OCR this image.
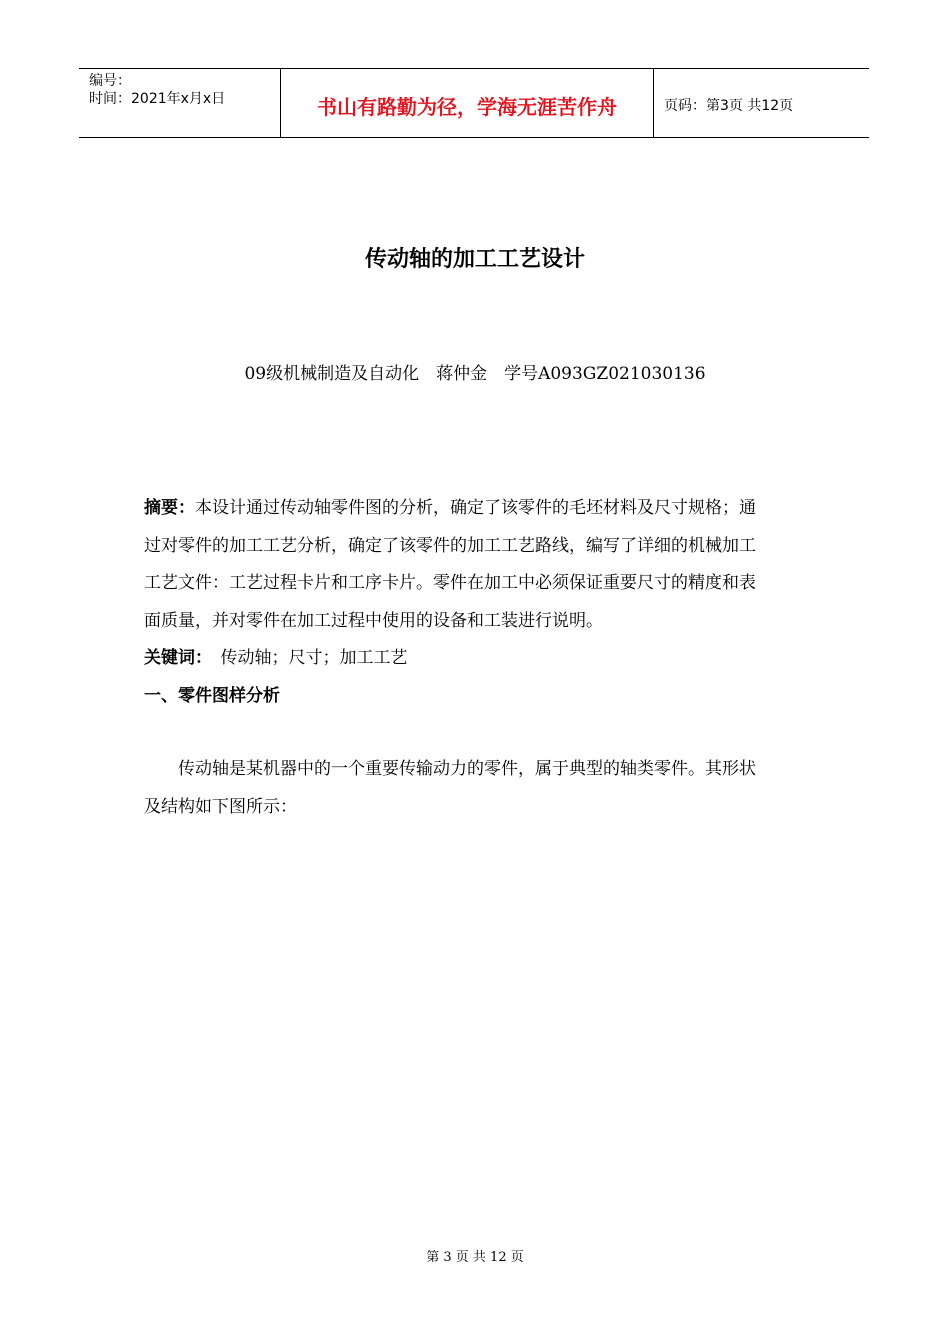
编号：
时间：2021年x月x日	书山有路勤为径，学海无涯苦作舟	页码：第3页 共12页
传动轴的加工工艺设计
09级机械制造及自动化　蒋仲金　学号A093GZ021030136

摘要：本设计通过传动轴零件图的分析，确定了该零件的毛坯材料及尺寸规格；通过对零件的加工工艺分析，确定了该零件的加工工艺路线，编写了详细的机械加工工艺文件：工艺过程卡片和工序卡片。零件在加工中必须保证重要尺寸的精度和表面质量，并对零件在加工过程中使用的设备和工装进行说明。

关键词：　传动轴；尺寸；加工工艺

一、零件图样分析

传动轴是某机器中的一个重要传输动力的零件，属于典型的轴类零件。其形状及结构如下图所示：

第 3 页 共 12 页
